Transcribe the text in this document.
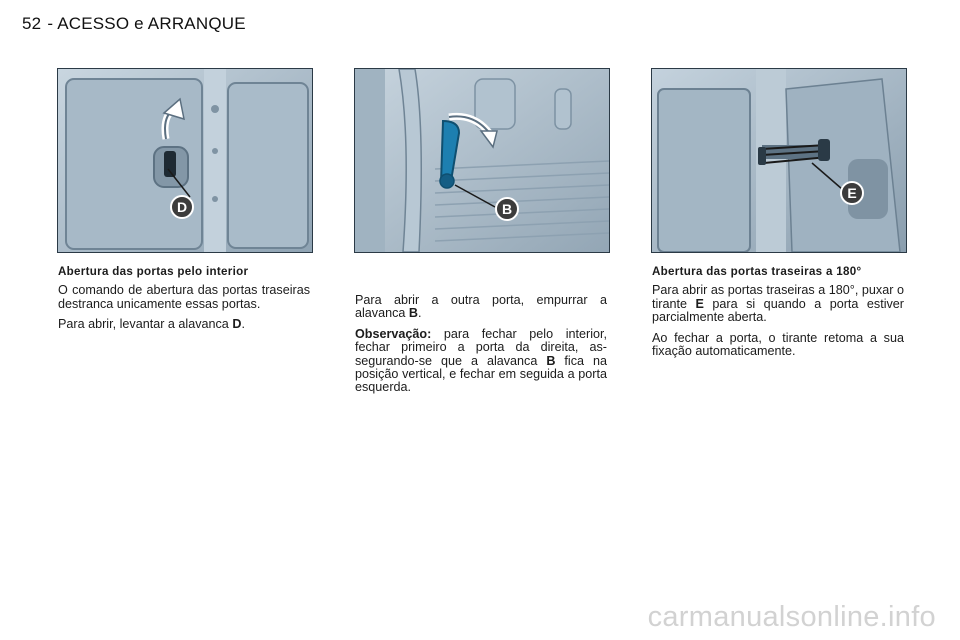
52 - ACESSO e ARRANQUE
D	B
E
Abertura das portas pelo interior

O comando de abertura das portas traseiras destranca unicamente essas portas.

Para abrir, levantar a alavanca D.

Para abrir a outra porta, empurrar a alavanca B.

Observação: para fechar pelo interior, fechar primeiro a porta da direita, assegurando-se que a alavanca B fica na posição vertical, e fechar em seguida a porta esquerda.

Abertura das portas traseiras a 180°

Para abrir as portas traseiras a 180°, puxar o tirante E para si quando a porta estiver parcialmente aberta.

Ao fechar a porta, o tirante retoma a sua fixação automaticamente.

carmanualsonline.info
